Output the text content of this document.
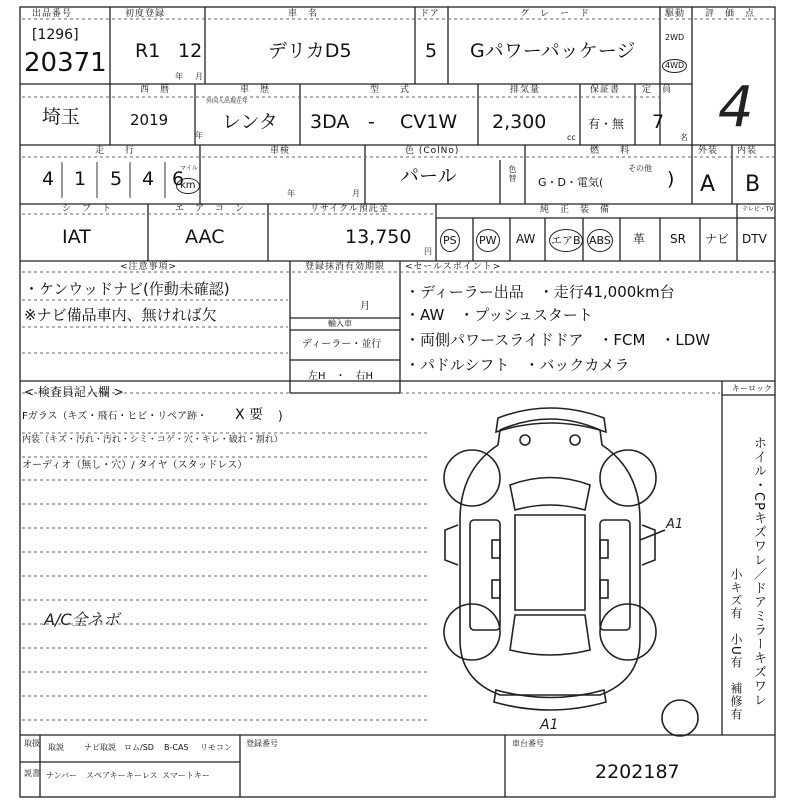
出品番号
[1296]
20371
初度登録
R1 12
年 月
車　名
デリカD5
ドア
5
グ　レ　ー　ド
Gパワーパッケージ
駆動
2WD
4WD
評　価　点
4
埼玉
西　暦
2019
年
車　歴
外国入出現在年
レンタ
型　　式
3DA - CV1W
排気量
2,300
cc
保証書
有・無
定　員
7
名
走　　行
4 1 5 4 6
マイル
km
車検
年	月
色 (ColNo)
パール	色替
燃　　料
G・D・電気(	)
その他
外装
A
内装
B
シ　フ　ト
IAT
エ　ア　コ　ン
AAC
リサイクル預託金
13,750
円
純　正　装　備	テレビ・TV
PS PW AW エアB ABS 革 SR ナビ DTV
<注意事項>
・ケンウッドナビ(作動未確認)
※ナビ備品車内、無ければ欠
登録抹消有効期限
月
輸入車
ディーラー・並行
左H　・　右H
<セールスポイント>
・ディーラー出品　・走行41,000km台
・AW　・プッシュスタート
・両側パワースライドドア　・FCM　・LDW
・パドルシフト　・バックカメラ
< 検査員記入欄 >
Fガラス（キズ・飛石・ヒビ・リペア跡・ X 要 )
内装（キズ・汚れ・汚れ・シミ・コゲ・穴・キレ・破れ・割れ）
オーディオ（無し・穴）/ タイヤ（スタッドレス）
A/C全ネボ
キーロック
ホイル・CPキズワレ／ドアミラーキズワレ
小キズ有　小U有　補修有
A1
A1
取扱
説書
取説	ナビ取説 ロム/SD B-CAS リモコン
ナンバー スペアキー キーレス スマートキー
登録番号	車台番号
2202187
